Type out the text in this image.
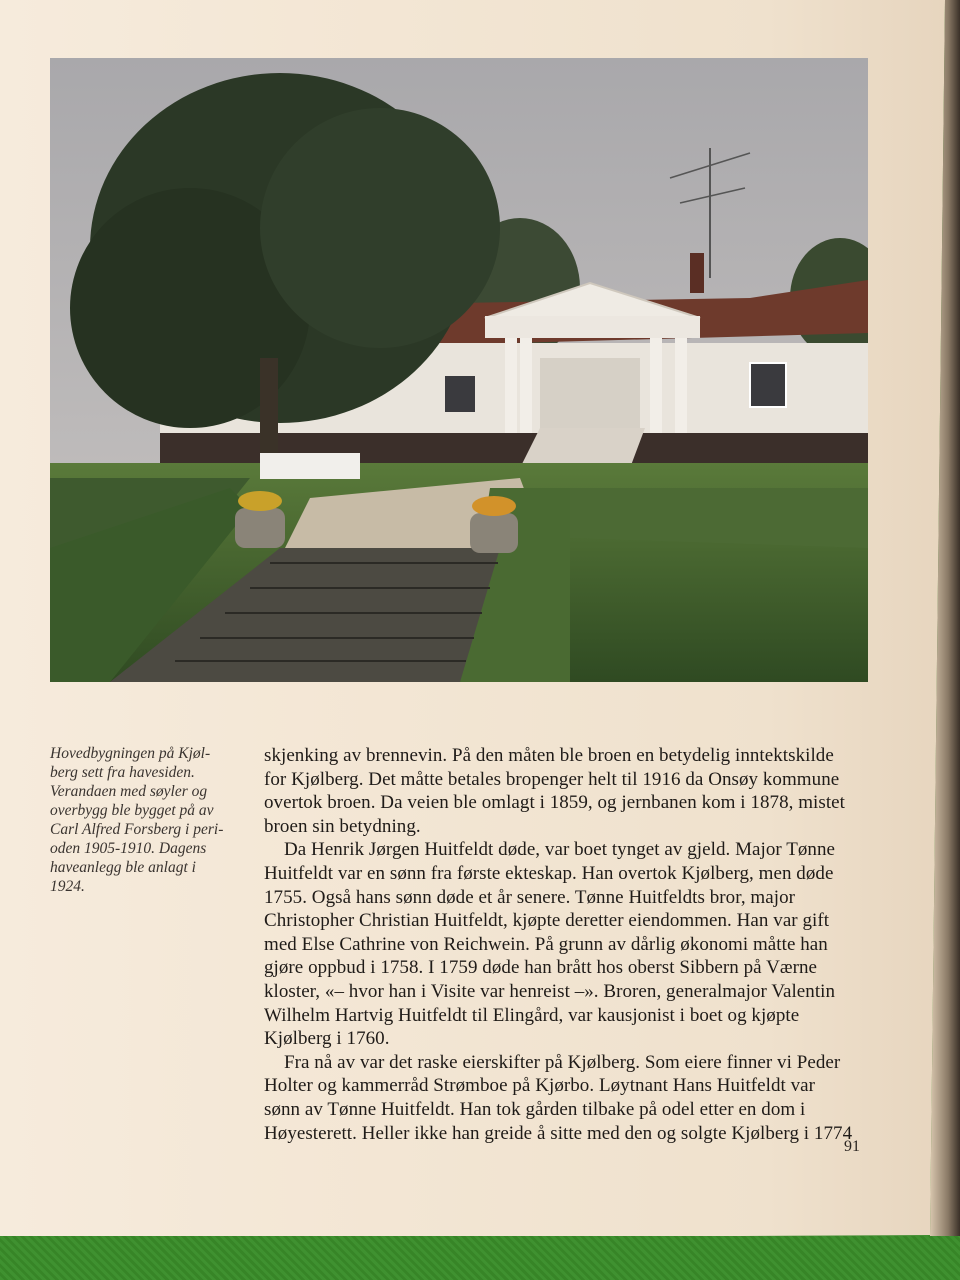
Hovedbygningen på Kjøl-
berg sett fra havesiden.
Verandaen med søyler og
overbygg ble bygget på av
Carl Alfred Forsberg i peri-
oden 1905-1910. Dagens
haveanlegg ble anlagt i
1924.
skjenking av brennevin. På den måten ble broen en betydelig inntektskilde
for Kjølberg. Det måtte betales bropenger helt til 1916 da Onsøy kommune
overtok broen. Da veien ble omlagt i 1859, og jernbanen kom i 1878, mistet
broen sin betydning.
Da Henrik Jørgen Huitfeldt døde, var boet tynget av gjeld. Major Tønne
Huitfeldt var en sønn fra første ekteskap. Han overtok Kjølberg, men døde
1755. Også hans sønn døde et år senere. Tønne Huitfeldts bror, major
Christopher Christian Huitfeldt, kjøpte deretter eiendommen. Han var gift
med Else Cathrine von Reichwein. På grunn av dårlig økonomi måtte han
gjøre oppbud i 1758. I 1759 døde han brått hos oberst Sibbern på Værne
kloster, «– hvor han i Visite var henreist –». Broren, generalmajor Valentin
Wilhelm Hartvig Huitfeldt til Elingård, var kausjonist i boet og kjøpte
Kjølberg i 1760.
Fra nå av var det raske eierskifter på Kjølberg. Som eiere finner vi Peder
Holter og kammerråd Strømboe på Kjørbo. Løytnant Hans Huitfeldt var
sønn av Tønne Huitfeldt. Han tok gården tilbake på odel etter en dom i
Høyesterett. Heller ikke han greide å sitte med den og solgte Kjølberg i 1774
91
